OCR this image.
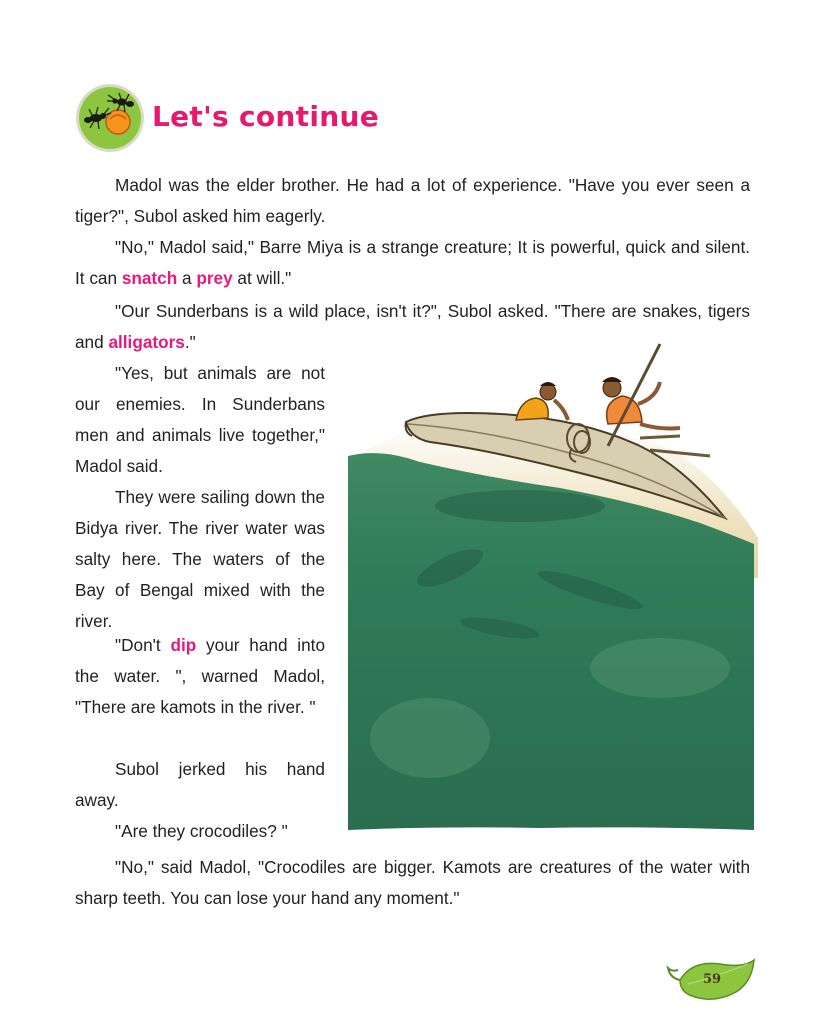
Let's continue

Madol was the elder brother. He had a lot of experience. "Have you ever seen a tiger?", Subol asked him eagerly.

"No," Madol said," Barre Miya is a strange creature; It is powerful, quick and silent. It can snatch a prey at will."

"Our Sunderbans is a wild place, isn't it?", Subol asked. "There are snakes, tigers and alligators."

"Yes, but animals are not our enemies. In Sunderbans men and animals live together," Madol said.

They were sailing down the Bidya river. The river water was salty here. The waters of the Bay of Bengal mixed with the river.

"Don't dip your hand into the water. ", warned Madol, "There are kamots in the river. "

Subol jerked his hand away.

"Are they crocodiles? "

"No," said Madol, "Crocodiles are bigger. Kamots are creatures of the water with sharp teeth. You can lose your hand any moment."

59
